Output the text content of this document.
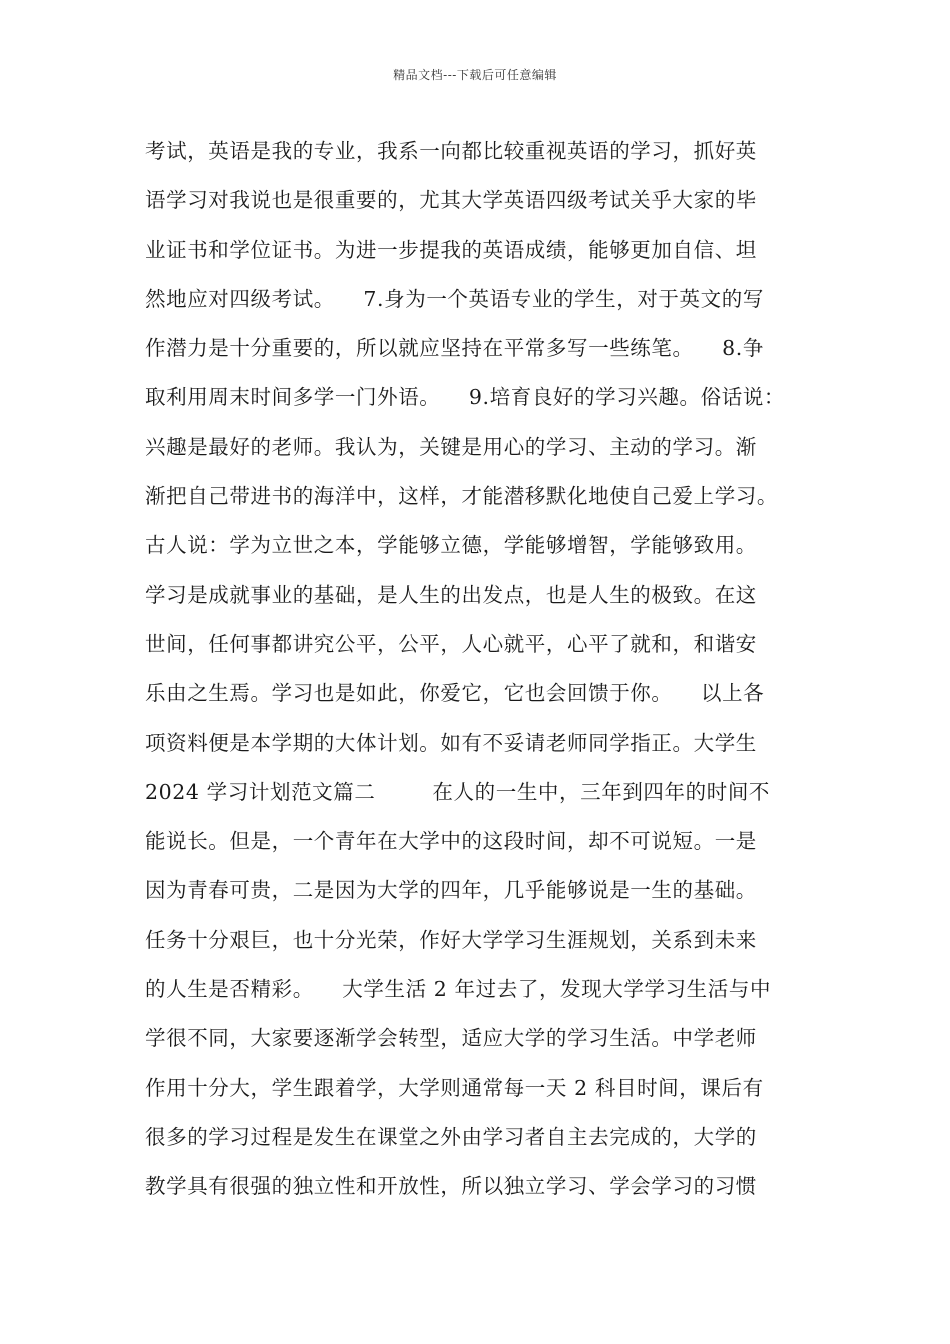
精品文档---下载后可任意编辑
考试，英语是我的专业，我系一向都比较重视英语的学习，抓好英
语学习对我说也是很重要的，尤其大学英语四级考试关乎大家的毕
业证书和学位证书。为进一步提我的英语成绩，能够更加自信、坦
然地应对四级考试。    7.身为一个英语专业的学生，对于英文的写
作潜力是十分重要的，所以就应坚持在平常多写一些练笔。    8.争
取利用周末时间多学一门外语。    9.培育良好的学习兴趣。俗话说：
兴趣是最好的老师。我认为，关键是用心的学习、主动的学习。渐
渐把自己带进书的海洋中，这样，才能潜移默化地使自己爱上学习。
古人说：学为立世之本，学能够立德，学能够增智，学能够致用。
学习是成就事业的基础，是人生的出发点，也是人生的极致。在这
世间，任何事都讲究公平，公平，人心就平，心平了就和，和谐安
乐由之生焉。学习也是如此，你爱它，它也会回馈于你。    以上各
项资料便是本学期的大体计划。如有不妥请老师同学指正。大学生
2024 学习计划范文篇二        在人的一生中，三年到四年的时间不
能说长。但是，一个青年在大学中的这段时间，却不可说短。一是
因为青春可贵，二是因为大学的四年，几乎能够说是一生的基础。
任务十分艰巨，也十分光荣，作好大学学习生涯规划，关系到未来
的人生是否精彩。    大学生活 2 年过去了，发现大学学习生活与中
学很不同，大家要逐渐学会转型，适应大学的学习生活。中学老师
作用十分大，学生跟着学，大学则通常每一天 2 科目时间，课后有
很多的学习过程是发生在课堂之外由学习者自主去完成的，大学的
教学具有很强的独立性和开放性，所以独立学习、学会学习的习惯
